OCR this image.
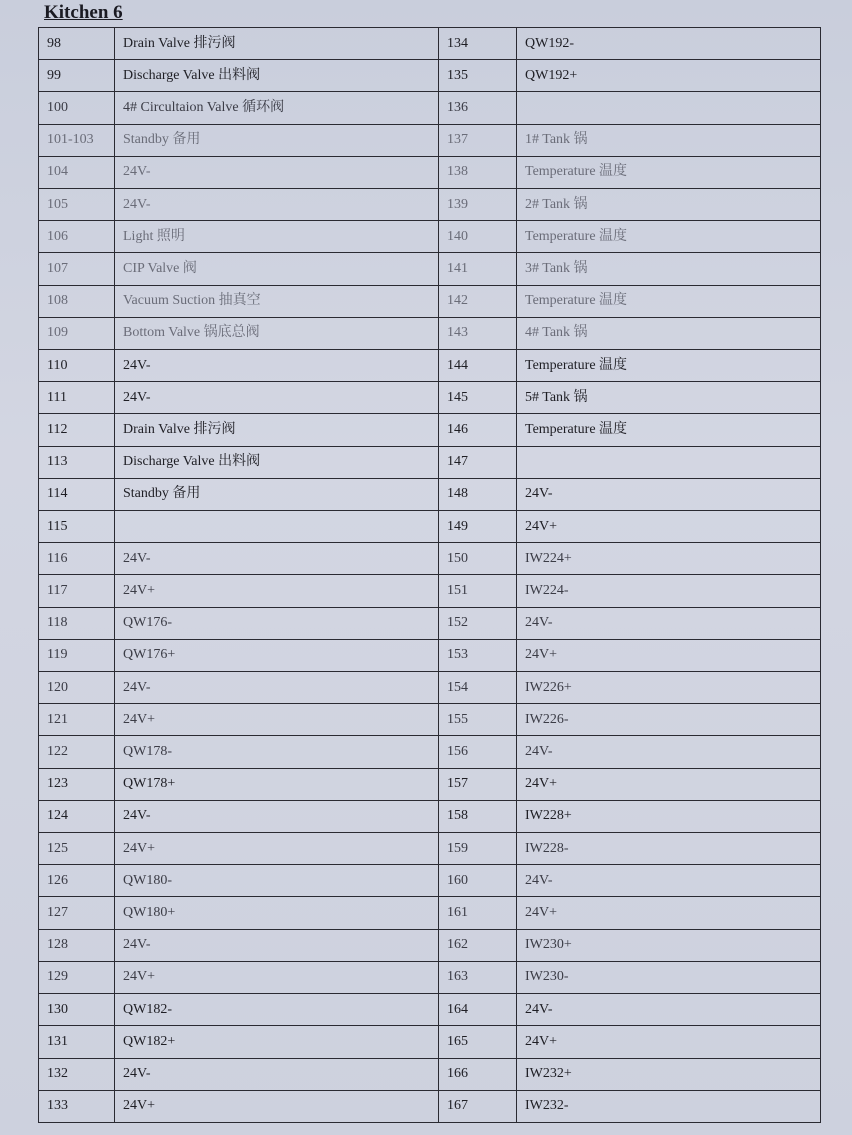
Kitchen 6
98	Drain Valve 排污阀	134	QW192-
99	Discharge Valve 出料阀	135	QW192+
100	4# Circultaion Valve 循环阀	136	
101-103	Standby 备用	137	1# Tank 锅
104	24V-	138	Temperature 温度
105	24V-	139	2# Tank 锅
106	Light 照明	140	Temperature 温度
107	CIP Valve 阀	141	3# Tank 锅
108	Vacuum Suction 抽真空	142	Temperature 温度
109	Bottom Valve 锅底总阀	143	4# Tank 锅
110	24V-	144	Temperature 温度
111	24V-	145	5# Tank 锅
112	Drain Valve 排污阀	146	Temperature 温度
113	Discharge Valve 出料阀	147	
114	Standby 备用	148	24V-
115		149	24V+
116	24V-	150	IW224+
117	24V+	151	IW224-
118	QW176-	152	24V-
119	QW176+	153	24V+
120	24V-	154	IW226+
121	24V+	155	IW226-
122	QW178-	156	24V-
123	QW178+	157	24V+
124	24V-	158	IW228+
125	24V+	159	IW228-
126	QW180-	160	24V-
127	QW180+	161	24V+
128	24V-	162	IW230+
129	24V+	163	IW230-
130	QW182-	164	24V-
131	QW182+	165	24V+
132	24V-	166	IW232+
133	24V+	167	IW232-
